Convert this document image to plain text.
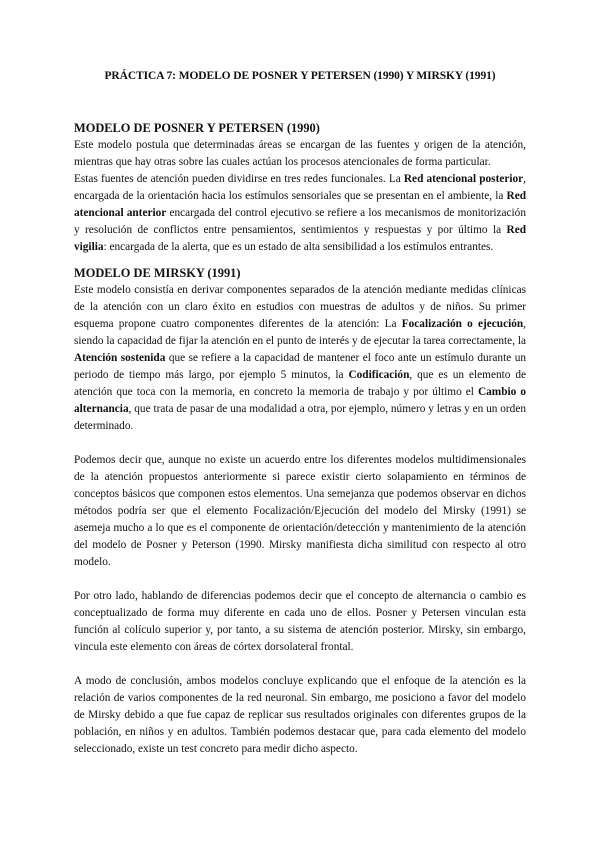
PRÁCTICA 7: MODELO DE POSNER Y PETERSEN (1990) Y MIRSKY (1991)

MODELO DE POSNER Y PETERSEN (1990)

Este modelo postula que determinadas áreas se encargan de las fuentes y origen de la atención, mientras que hay otras sobre las cuales actúan los procesos atencionales de forma particular.

Estas fuentes de atención pueden dividirse en tres redes funcionales. La Red atencional posterior, encargada de la orientación hacia los estímulos sensoriales que se presentan en el ambiente, la Red atencional anterior encargada del control ejecutivo se refiere a los mecanismos de monitorización y resolución de conflictos entre pensamientos, sentimientos y respuestas y por último la Red vigilia: encargada de la alerta, que es un estado de alta sensibilidad a los estímulos entrantes.

MODELO DE MIRSKY (1991)

Este modelo consistía en derivar componentes separados de la atención mediante medidas clínicas de la atención con un claro éxito en estudios con muestras de adultos y de niños. Su primer esquema propone cuatro componentes diferentes de la atención: La Focalización o ejecución, siendo la capacidad de fijar la atención en el punto de interés y de ejecutar la tarea correctamente, la Atención sostenida que se refiere a la capacidad de mantener el foco ante un estímulo durante un periodo de tiempo más largo, por ejemplo 5 minutos, la Codificación, que es un elemento de atención que toca con la memoria, en concreto la memoria de trabajo y por último el Cambio o alternancia, que trata de pasar de una modalidad a otra, por ejemplo, número y letras y en un orden determinado.

Podemos decir que, aunque no existe un acuerdo entre los diferentes modelos multidimensionales de la atención propuestos anteriormente si parece existir cierto solapamiento en términos de conceptos básicos que componen estos elementos. Una semejanza que podemos observar en dichos métodos podría ser que el elemento Focalización/Ejecución del modelo del Mirsky (1991) se asemeja mucho a lo que es el componente de orientación/detección y mantenimiento de la atención del modelo de Posner y Peterson (1990. Mirsky manifiesta dicha similitud con respecto al otro modelo.

Por otro lado, hablando de diferencias podemos decir que el concepto de alternancia o cambio es conceptualizado de forma muy diferente en cada uno de ellos. Posner y Petersen vinculan esta función al colículo superior y, por tanto, a su sistema de atención posterior. Mirsky, sin embargo, vincula este elemento con áreas de córtex dorsolateral frontal.

A modo de conclusión, ambos modelos concluye explicando que el enfoque de la atención es la relación de varios componentes de la red neuronal. Sin embargo, me posiciono a favor del modelo de Mirsky debido a que fue capaz de replicar sus resultados originales con diferentes grupos de la población, en niños y en adultos. También podemos destacar que, para cada elemento del modelo seleccionado, existe un test concreto para medir dicho aspecto.
